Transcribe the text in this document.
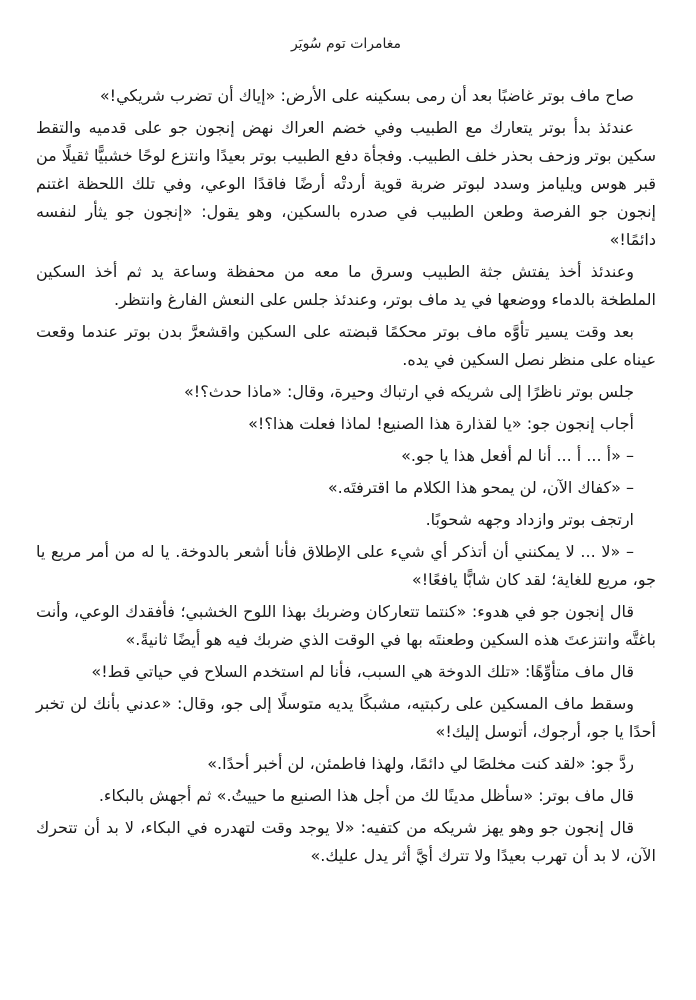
مغامرات توم سُويَر

صاح ماف بوتر غاضبًا بعد أن رمى بسكينه على الأرض: «إياك أن تضرب شريكي!»

عندئذ بدأ بوتر يتعارك مع الطبيب وفي خضم العراك نهض إنجون جو على قدميه والتقط سكين بوتر وزحف بحذر خلف الطبيب. وفجأة دفع الطبيب بوتر بعيدًا وانتزع لوحًا خشبيًّا ثقيلًا من قبر هوس ويليامز وسدد لبوتر ضربة قوية أردتْه أرضًا فاقدًا الوعي، وفي تلك اللحظة اغتنم إنجون جو الفرصة وطعن الطبيب في صدره بالسكين، وهو يقول: «إنجون جو يثأر لنفسه دائمًا!»

وعندئذ أخذ يفتش جثة الطبيب وسرق ما معه من محفظة وساعة يد ثم أخذ السكين الملطخة بالدماء ووضعها في يد ماف بوتر، وعندئذ جلس على النعش الفارغ وانتظر.

بعد وقت يسير تأوَّه ماف بوتر محكمًا قبضته على السكين واقشعرَّ بدن بوتر عندما وقعت عيناه على منظر نصل السكين في يده.

جلس بوتر ناظرًا إلى شريكه في ارتباك وحيرة، وقال: «ماذا حدث؟!»

أجاب إنجون جو: «يا لقذارة هذا الصنيع! لماذا فعلت هذا؟!»

– «أ ... أ ... أنا لم أفعل هذا يا جو.»

– «كفاك الآن، لن يمحو هذا الكلام ما اقترفتَه.»

ارتجف بوتر وازداد وجهه شحوبًا.

– «لا ... لا يمكنني أن أتذكر أي شيء على الإطلاق فأنا أشعر بالدوخة. يا له من أمر مريع يا جو، مريع للغاية؛ لقد كان شابًّا يافعًا!»

قال إنجون جو في هدوء: «كنتما تتعاركان وضربك بهذا اللوح الخشبي؛ فأفقدك الوعي، وأنت باغتَّه وانتزعتَ هذه السكين وطعنتَه بها في الوقت الذي ضربك فيه هو أيضًا ثانيةً.»

قال ماف متأوِّهًا: «تلك الدوخة هي السبب، فأنا لم استخدم السلاح في حياتي قط!»

وسقط ماف المسكين على ركبتيه، مشبكًا يديه متوسلًا إلى جو، وقال: «عدني بأنك لن تخبر أحدًا يا جو، أرجوك، أتوسل إليك!»

ردَّ جو: «لقد كنت مخلصًا لي دائمًا، ولهذا فاطمئن، لن أخبر أحدًا.»

قال ماف بوتر: «سأظل مدينًا لك من أجل هذا الصنيع ما حييتُ.» ثم أجهش بالبكاء.

قال إنجون جو وهو يهز شريكه من كتفيه: «لا يوجد وقت لتهدره في البكاء، لا بد أن تتحرك الآن، لا بد أن تهرب بعيدًا ولا تترك أيَّ أثر يدل عليك.»
